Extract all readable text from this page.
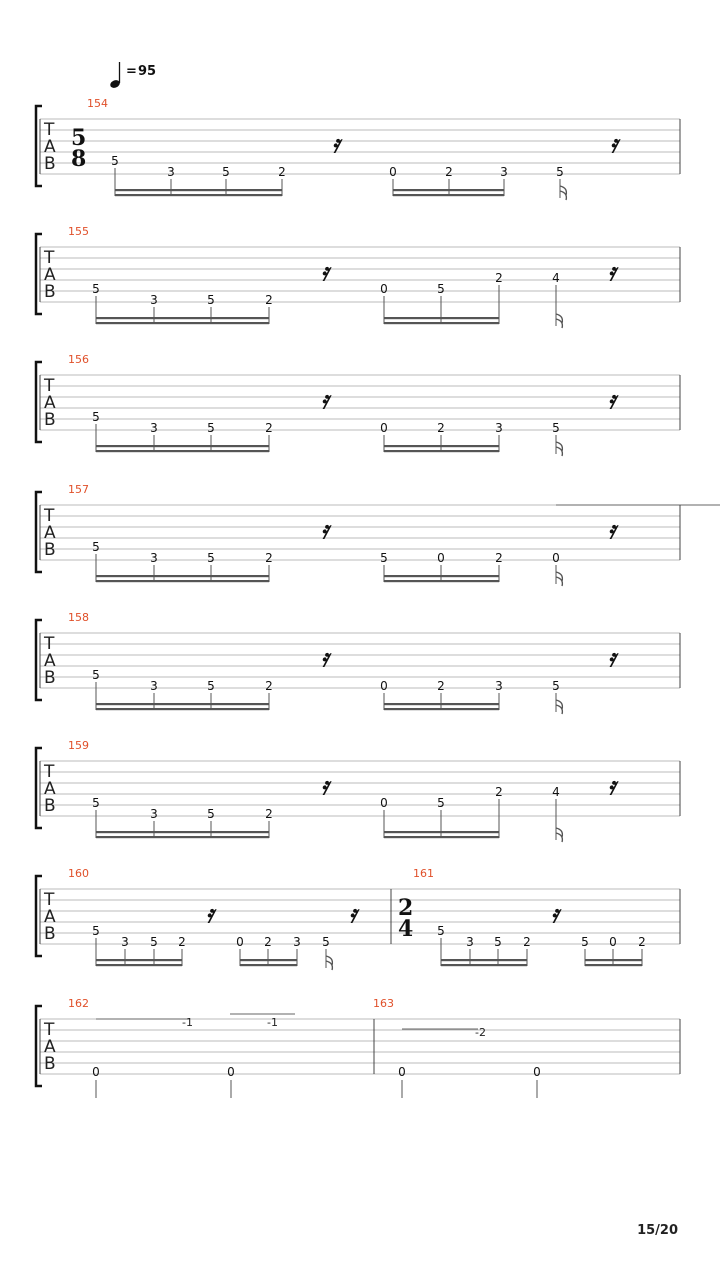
= 95
154
T
A
B
5
8 5
3	5	2
𝄿
0	2	3	5
𝄿
155
T
A
B	5
3	5	2
𝄿
0	5
2	4 𝄿
156
T
A
B	5
3	5	2
𝄿
0	2	3	5
𝄿
157
T
A
B	5
3	5	2
𝄿
5	0	2	0
𝄿
158
T
A
B	5
3	5	2
𝄿
0	2	3	5
𝄿
159
T
A
B	5
3	5	2
𝄿
0	5
2	4 𝄿
160	161
T
A
B	5
3 5 2
𝄿
0 2 3 5
𝄿 2
4 5
3 5 2
𝄿
5 0 2
162	163
T
A
B
-1	-1
0	0
-2
0	0
15/20
